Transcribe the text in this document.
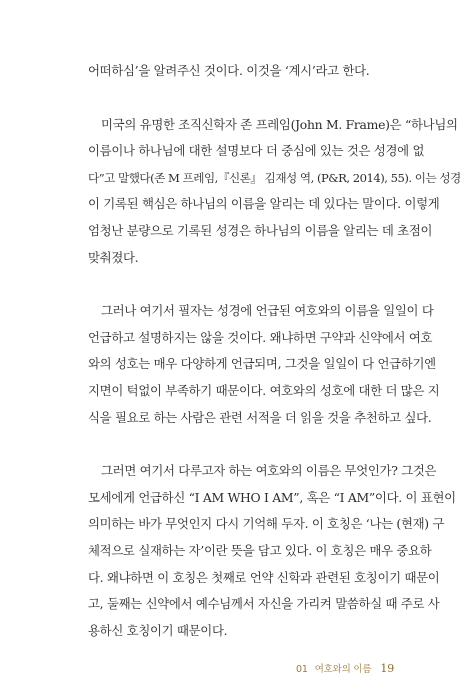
어떠하심’을 알려주신 것이다. 이것을 ‘계시’라고 한다.
미국의 유명한 조직신학자 존 프레임(John M. Frame)은 “하나님의
이름이나 하나님에 대한 설명보다 더 중심에 있는 것은 성경에 없
다”고 말했다(존 M 프레임,『신론』 김재성 역, (P&R, 2014), 55). 이는 성경
이 기록된 핵심은 하나님의 이름을 알리는 데 있다는 말이다. 이렇게
엄청난 분량으로 기록된 성경은 하나님의 이름을 알리는 데 초점이
맞춰졌다.
그러나 여기서 필자는 성경에 언급된 여호와의 이름을 일일이 다
언급하고 설명하지는 않을 것이다. 왜냐하면 구약과 신약에서 여호
와의 성호는 매우 다양하게 언급되며, 그것을 일일이 다 언급하기엔
지면이 턱없이 부족하기 때문이다. 여호와의 성호에 대한 더 많은 지
식을 필요로 하는 사람은 관련 서적을 더 읽을 것을 추천하고 싶다.
그러면 여기서 다루고자 하는 여호와의 이름은 무엇인가? 그것은
모세에게 언급하신 “I AM WHO I AM”, 혹은 “I AM”이다. 이 표현이
의미하는 바가 무엇인지 다시 기억해 두자. 이 호칭은 ‘나는 (현재) 구
체적으로 실재하는 자’이란 뜻을 담고 있다. 이 호칭은 매우 중요하
다. 왜냐하면 이 호칭은 첫째로 언약 신학과 관련된 호칭이기 때문이
고, 둘째는 신약에서 예수님께서 자신을 가리켜 말씀하실 때 주로 사
용하신 호칭이기 때문이다.
01 여호와의 이름 19
